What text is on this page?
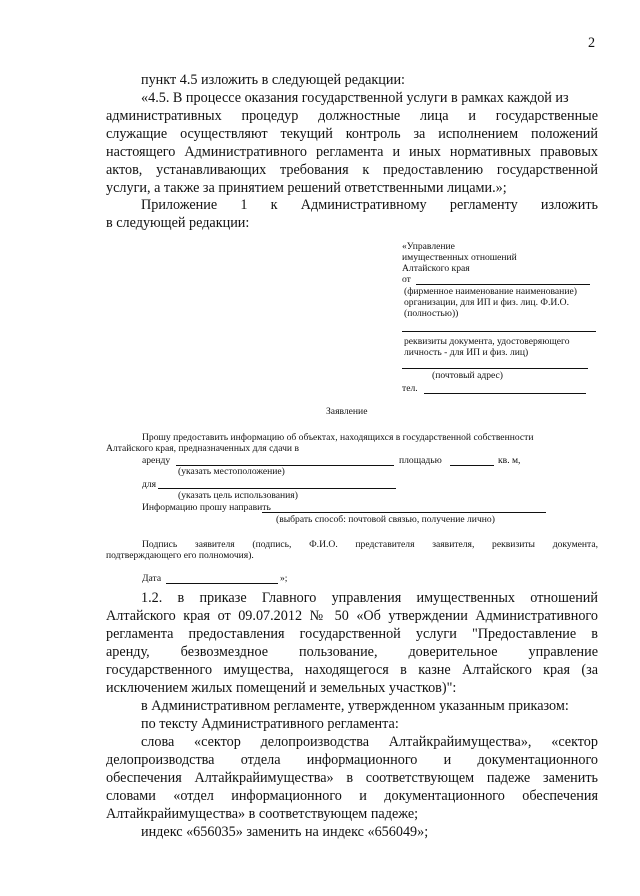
2
пункт 4.5 изложить в следующей редакции:
«4.5. В процессе оказания государственной услуги в рамках каждой из
административных процедур должностные лица и государственные
служащие осуществляют текущий контроль за исполнением положений
настоящего Административного регламента и иных нормативных правовых
актов, устанавливающих требования к предоставлению государственной
услуги, а также за принятием решений ответственными лицами.»;
Приложение 1 к Административному регламенту изложить
в следующей редакции:
«Управление
имущественных отношений
Алтайского края
от
(фирменное наименование наименование)
организации, для ИП и физ. лиц. Ф.И.О.
(полностью))
реквизиты документа, удостоверяющего
личность - для ИП и физ. лиц)
(почтовый адрес)
тел.
Заявление
Прошу предоставить информацию об объектах, находящихся в государственной собственности
Алтайского края, предназначенных для сдачи в
аренду	площадью	кв. м,
(указать местоположение)
для
(указать цель использования)
Информацию прошу направить
(выбрать способ: почтовой связью, получение лично)
Подпись заявителя (подпись, Ф.И.О. представителя заявителя, реквизиты документа,
подтверждающего его полномочия).
Дата	»;
1.2. в приказе Главного управления имущественных отношений
Алтайского края от 09.07.2012 № 50 «Об утверждении Административного
регламента предоставления государственной услуги "Предоставление в
аренду, безвозмездное пользование, доверительное управление
государственного имущества, находящегося в казне Алтайского края (за
исключением жилых помещений и земельных участков)":
в Административном регламенте, утвержденном указанным приказом:
по тексту Административного регламента:
слова «сектор делопроизводства Алтайкрайимущества», «сектор
делопроизводства отдела информационного и документационного
обеспечения Алтайкрайимущества» в соответствующем падеже заменить
словами «отдел информационного и документационного обеспечения
Алтайкрайимущества» в соответствующем падеже;
индекс «656035» заменить на индекс «656049»;
